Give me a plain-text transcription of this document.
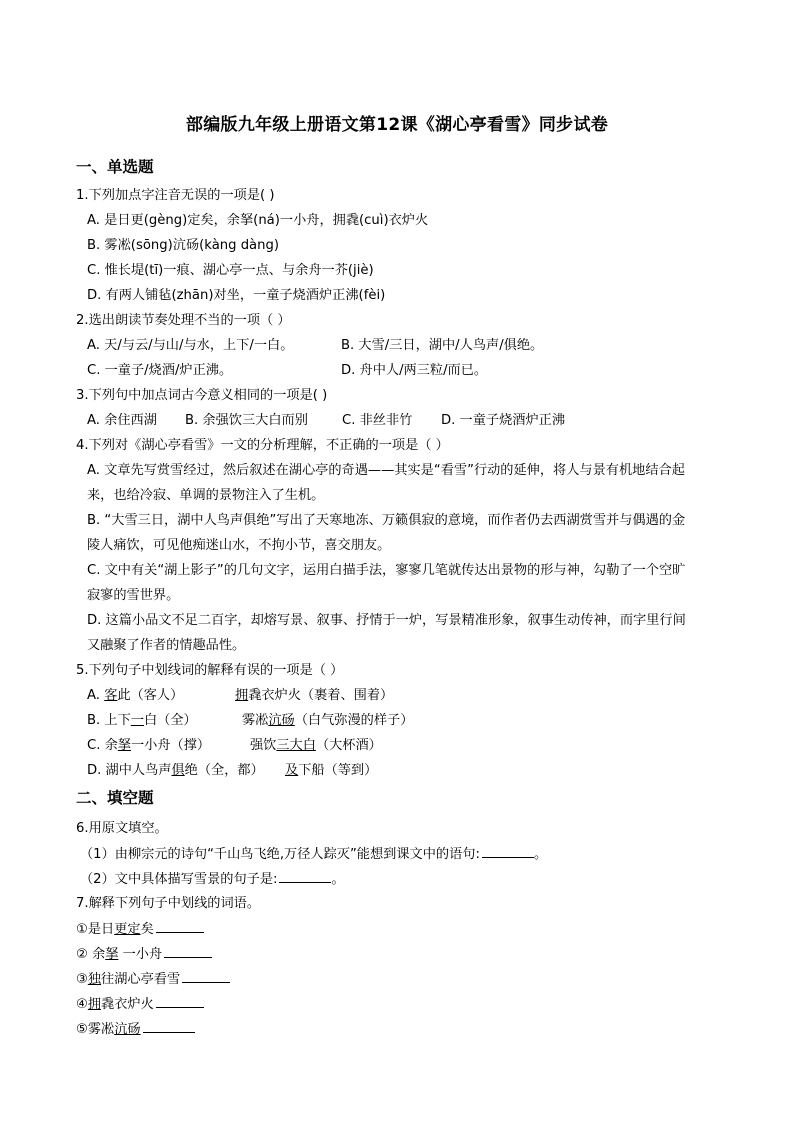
部编版九年级上册语文第12课《湖心亭看雪》同步试卷
一、单选题
1.下列加点字注音无误的一项是( )
A. 是日更(gèng)定矣，余拏(ná)一小舟，拥毳(cuì)衣炉火
B. 雾凇(sōng)沆砀(kàng dàng)
C. 惟长堤(tī)一痕、湖心亭一点、与余舟一芥(jiè)
D. 有两人铺毡(zhān)对坐，一童子烧酒炉正沸(fèi)
2.选出朗读节奏处理不当的一项（ ）
A. 天/与云/与山/与水，上下/一白。	B. 大雪/三日，湖中/人鸟声/俱绝。
C. 一童子/烧酒/炉正沸。	D. 舟中人/两三粒/而已。
3.下列句中加点词古今意义相同的一项是( )
A. 余住西湖 B. 余强饮三大白而别	C. 非丝非竹 D. 一童子烧酒炉正沸
4.下列对《湖心亭看雪》一文的分析理解，不正确的一项是（ ）
A. 文章先写赏雪经过，然后叙述在湖心亭的奇遇——其实是“看雪”行动的延伸，将人与景有机地结合起
来，也给冷寂、单调的景物注入了生机。
B. “大雪三日，湖中人鸟声俱绝”写出了天寒地冻、万籁俱寂的意境，而作者仍去西湖赏雪并与偶遇的金
陵人痛饮，可见他痴迷山水，不拘小节，喜交朋友。
C. 文中有关“湖上影子”的几句文字，运用白描手法，寥寥几笔就传达出景物的形与神，勾勒了一个空旷
寂寥的雪世界。
D. 这篇小品文不足二百字，却熔写景、叙事、抒情于一炉，写景精准形象，叙事生动传神，而字里行间
又融聚了作者的情趣品性。
5.下列句子中划线词的解释有误的一项是（ ）
A. 客此（客人）	拥毳衣炉火（裹着、围着）
B. 上下一白（全）	雾凇沆砀（白气弥漫的样子）
C. 余拏一小舟（撑）	强饮三大白（大杯酒）
D. 湖中人鸟声俱绝（全，都） 及下船（等到）
二、填空题
6.用原文填空。
（1）由柳宗元的诗句“千山鸟飞绝,万径人踪灭”能想到课文中的语句:	。
（2）文中具体描写雪景的句子是:	。
7.解释下列句子中划线的词语。
①是日更定矣
② 余拏 一小舟
③独往湖心亭看雪
④拥毳衣炉火
⑤雾凇沆砀
